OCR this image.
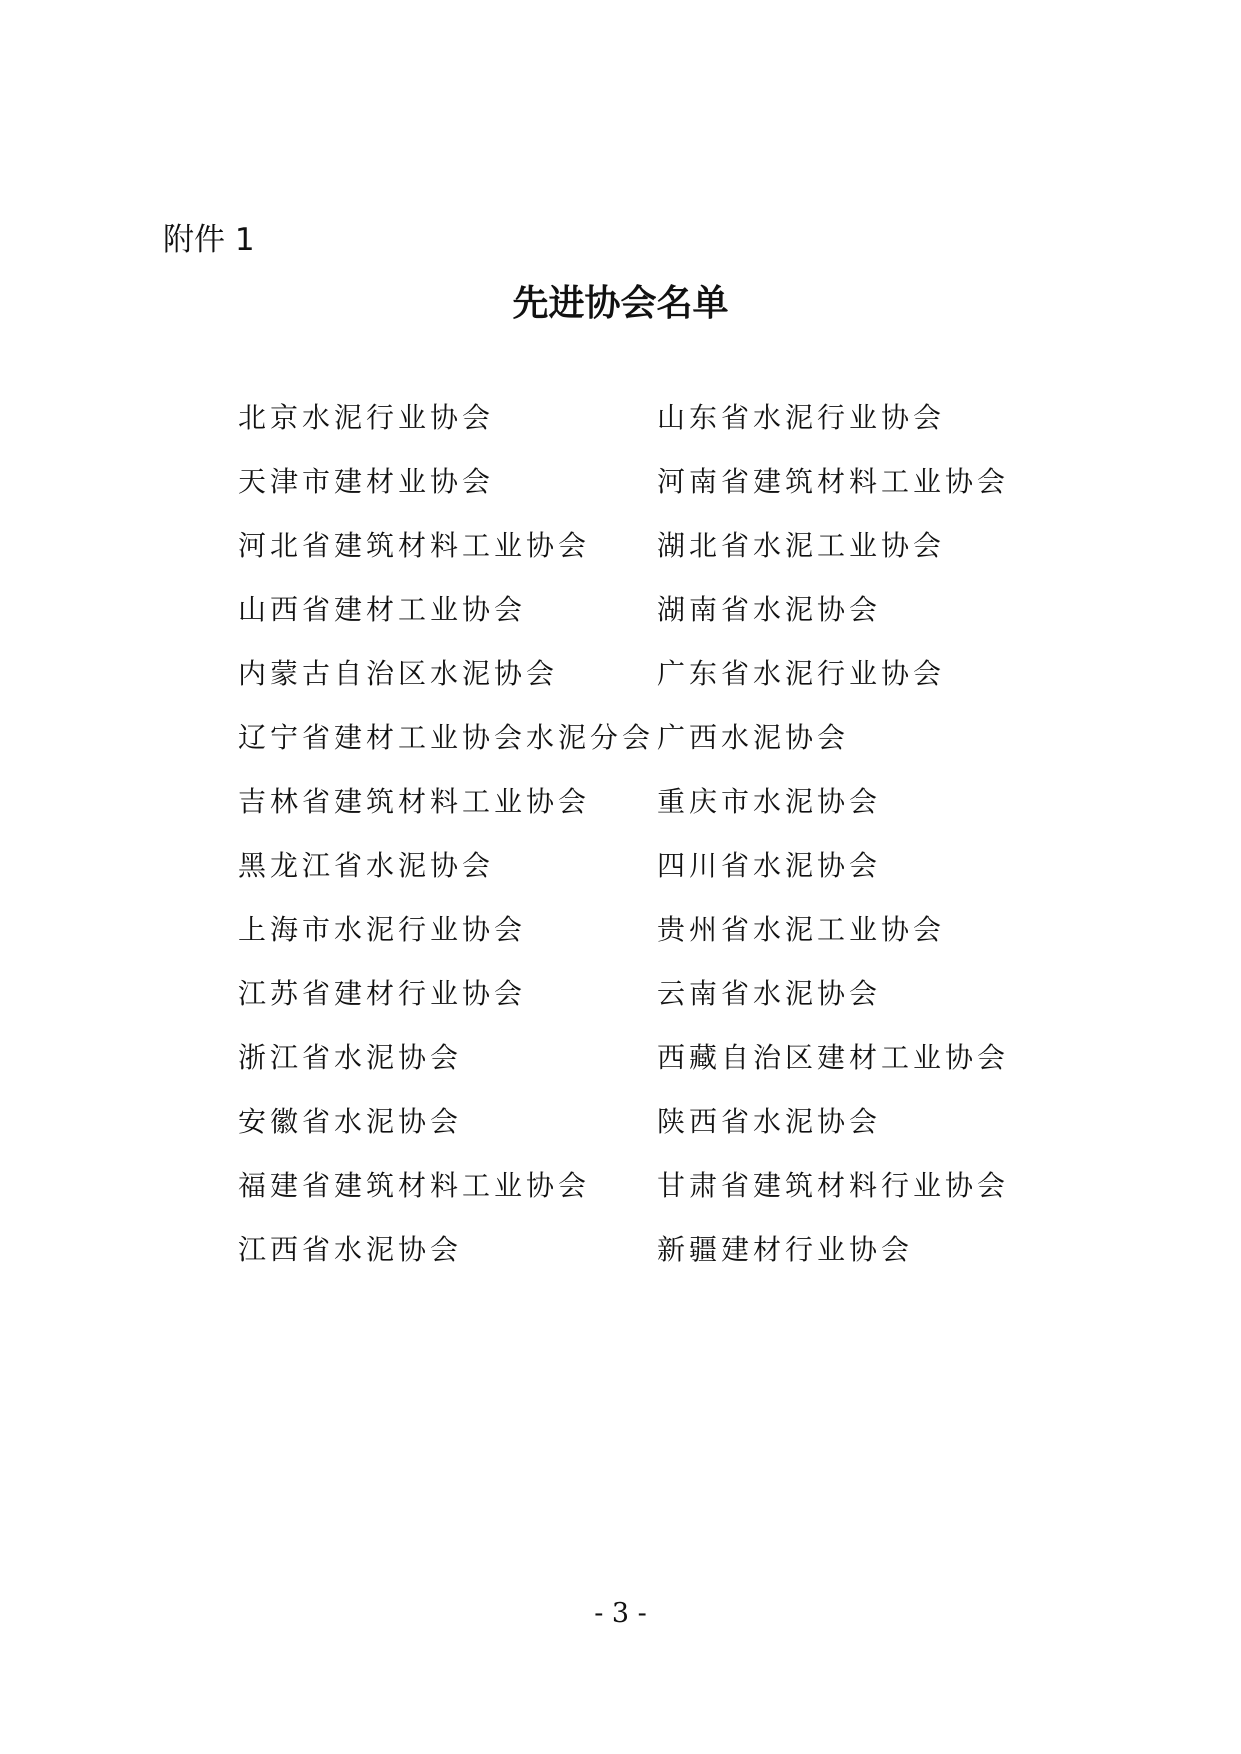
附件 1
先进协会名单
北京水泥行业协会
天津市建材业协会
河北省建筑材料工业协会
山西省建材工业协会
内蒙古自治区水泥协会
辽宁省建材工业协会水泥分会
吉林省建筑材料工业协会
黑龙江省水泥协会
上海市水泥行业协会
江苏省建材行业协会
浙江省水泥协会
安徽省水泥协会
福建省建筑材料工业协会
江西省水泥协会
山东省水泥行业协会
河南省建筑材料工业协会
湖北省水泥工业协会
湖南省水泥协会
广东省水泥行业协会
广西水泥协会
重庆市水泥协会
四川省水泥协会
贵州省水泥工业协会
云南省水泥协会
西藏自治区建材工业协会
陕西省水泥协会
甘肃省建筑材料行业协会
新疆建材行业协会
- 3 -
